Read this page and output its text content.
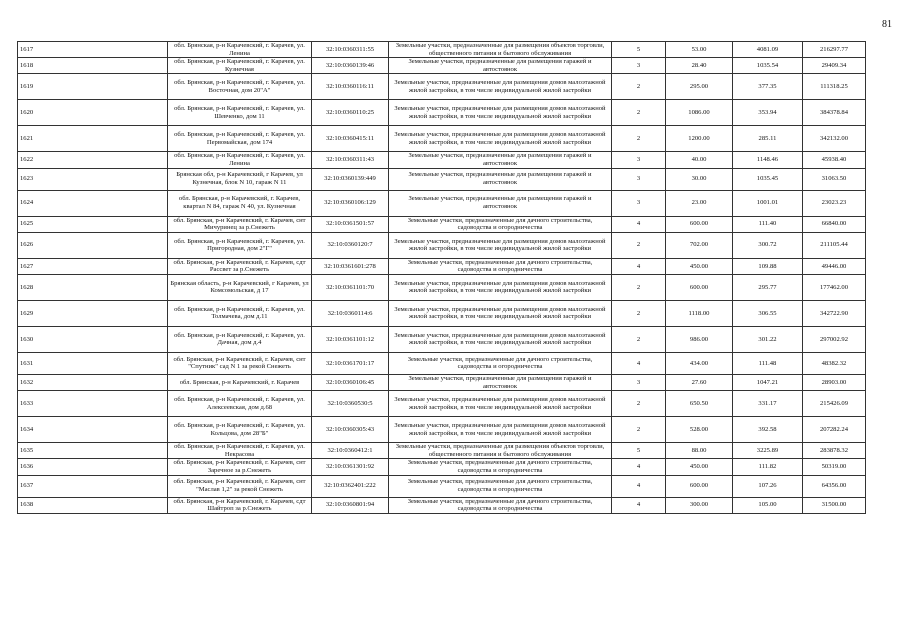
81
1617	обл. Брянская, р-н Карачевский, г. Карачев, ул. Ленина	32:10:0360311:55	Земельные участки, предназначенные для размещения объектов торговли, общественного питания и бытового обслуживания	5	53.00	4081.09	216297.77
1618	обл. Брянская, р-н Карачевский, г. Карачев, ул. Кузнечная	32:10:0360139:46	Земельные участки, предназначенные для размещения гаражей и автостоянок	3	28.40	1035.54	29409.34
1619	обл. Брянская, р-н Карачевский, г. Карачев, ул. Восточная, дом 20"А"	32:10:0360116:11	Земельные участки, предназначенные для размещения домов малоэтажной жилой застройки, в том числе индивидуальной жилой застройки	2	295.00	377.35	111318.25
1620	обл. Брянская, р-н Карачевский, г. Карачев, ул. Шевченко, дом 11	32:10:0360110:25	Земельные участки, предназначенные для размещения домов малоэтажной жилой застройки, в том числе индивидуальной жилой застройки	2	1086.00	353.94	384378.84
1621	обл. Брянская, р-н Карачевский, г. Карачев, ул. Первомайская, дом 174	32:10:0360415:11	Земельные участки, предназначенные для размещения домов малоэтажной жилой застройки, в том числе индивидуальной жилой застройки	2	1200.00	285.11	342132.00
1622	обл. Брянская, р-н Карачевский, г. Карачев, ул. Ленина	32:10:0360311:43	Земельные участки, предназначенные для размещения гаражей и автостоянок	3	40.00	1148.46	45938.40
1623	Брянская обл, р-н Карачевский, г Карачев, ул Кузнечная, блок N 10, гараж N 11	32:10:0360139:449	Земельные участки, предназначенные для размещения гаражей и автостоянок	3	30.00	1035.45	31063.50
1624	обл. Брянская, р-н Карачевский, г. Карачев, квартал N 84, гараж N 40, ул. Кузнечная	32:10:0360106:129	Земельные участки, предназначенные для размещения гаражей и автостоянок	3	23.00	1001.01	23023.23
1625	обл. Брянская, р-н Карачевский, г. Карачев, снт Мичуринец за р.Снежеть	32:10:0361501:57	Земельные участки, предназначенные для дачного строительства, садоводства и огородничества	4	600.00	111.40	66840.00
1626	обл. Брянская, р-н Карачевский, г. Карачев, ул. Пригородная, дом 2"Г"	32:10:0360120:7	Земельные участки, предназначенные для размещения домов малоэтажной жилой застройки, в том числе индивидуальной жилой застройки	2	702.00	300.72	211105.44
1627	обл. Брянская, р-н Карачевский, г. Карачев, сдт Рассвет за р.Снежеть	32:10:0361601:278	Земельные участки, предназначенные для дачного строительства, садоводства и огородничества	4	450.00	109.88	49446.00
1628	Брянская область, р-н Карачевский, г Карачев, ул Комсомольская, д 17	32:10:0361101:70	Земельные участки, предназначенные для размещения домов малоэтажной жилой застройки, в том числе индивидуальной жилой застройки	2	600.00	295.77	177462.00
1629	обл. Брянская, р-н Карачевский, г. Карачев, ул. Толмачева, дом д.11	32:10:0360114:6	Земельные участки, предназначенные для размещения домов малоэтажной жилой застройки, в том числе индивидуальной жилой застройки	2	1118.00	306.55	342722.90
1630	обл. Брянская, р-н Карачевский, г. Карачев, ул. Дачная, дом д.4	32:10:0361101:12	Земельные участки, предназначенные для размещения домов малоэтажной жилой застройки, в том числе индивидуальной жилой застройки	2	986.00	301.22	297002.92
1631	обл. Брянская, р-н Карачевский, г. Карачев, снт "Спутник" сад N 1 за рекой Снежеть	32:10:0361701:17	Земельные участки, предназначенные для дачного строительства, садоводства и огородничества	4	434.00	111.48	48382.32
1632	обл. Брянская, р-н Карачевский, г. Карачев	32:10:0360106:45	Земельные участки, предназначенные для размещения гаражей и автостоянок	3	27.60	1047.21	28903.00
1633	обл. Брянская, р-н Карачевский, г. Карачев, ул. Алексеевская, дом д.68	32:10:0360530:5	Земельные участки, предназначенные для размещения домов малоэтажной жилой застройки, в том числе индивидуальной жилой застройки	2	650.50	331.17	215426.09
1634	обл. Брянская, р-н Карачевский, г. Карачев, ул. Кольцова, дом 28"Б"	32:10:0360305:43	Земельные участки, предназначенные для размещения домов малоэтажной жилой застройки, в том числе индивидуальной жилой застройки	2	528.00	392.58	207282.24
1635	обл. Брянская, р-н Карачевский, г. Карачев, ул. Некрасова	32:10:0360412:1	Земельные участки, предназначенные для размещения объектов торговли, общественного питания и бытового обслуживания	5	88.00	3225.89	283878.32
1636	обл. Брянская, р-н Карачевский, г. Карачев, снт Заречное за р.Снежеть	32:10:0361301:92	Земельные участки, предназначенные для дачного строительства, садоводства и огородничества	4	450.00	111.82	50319.00
1637	обл. Брянская, р-н Карачевский, г. Карачев, снт "Маслав 1,2" за рекой Снежеть	32:10:0362401:222	Земельные участки, предназначенные для дачного строительства, садоводства и огородничества	4	600.00	107.26	64356.00
1638	обл. Брянская, р-н Карачевский, г. Карачев, сдт Шайтроп за р.Снежеть	32:10:0360801:94	Земельные участки, предназначенные для дачного строительства, садоводства и огородничества	4	300.00	105.00	31500.00
